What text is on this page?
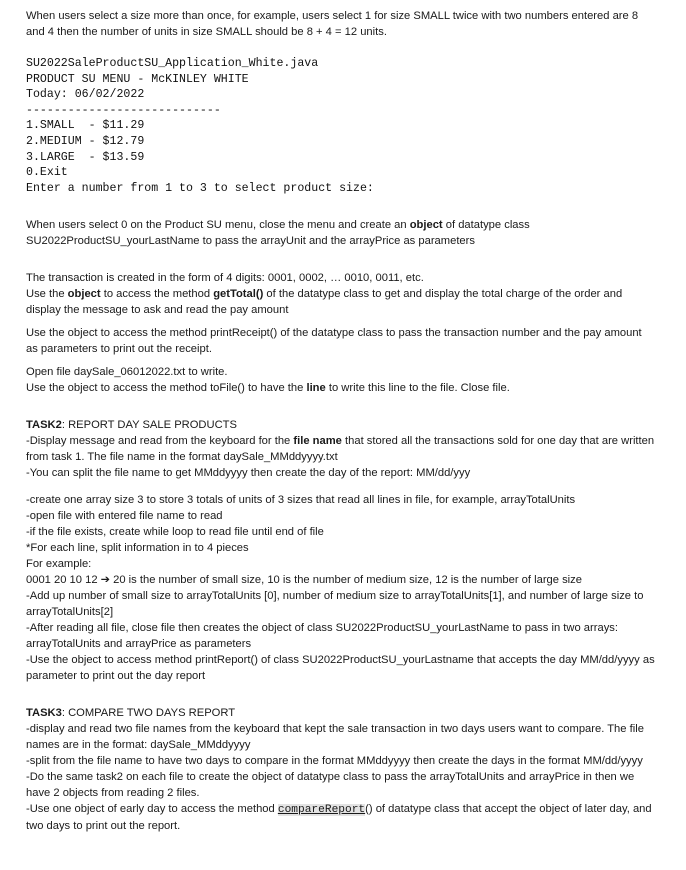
When users select a size more than once, for example, users select 1 for size SMALL twice with two numbers entered are 8 and 4 then the number of units in size SMALL should be 8 + 4 = 12 units.

SU2022SaleProductSU_Application_White.java

PRODUCT SU MENU - McKINLEY WHITE

Today: 06/02/2022

----------------------------

1.SMALL  - $11.29

2.MEDIUM - $12.79

3.LARGE  - $13.59

0.Exit

Enter a number from 1 to 3 to select product size:

When users select 0 on the Product SU menu, close the menu and create an object of datatype class SU2022ProductSU_yourLastName to pass the arrayUnit and the arrayPrice as parameters

The transaction is created in the form of 4 digits: 0001, 0002, … 0010, 0011, etc.

Use the object to access the method getTotal() of the datatype class to get and display the total charge of the order and display the message to ask and read the pay amount

Use the object to access the method printReceipt() of the datatype class to pass the transaction number and the pay amount as parameters to print out the receipt.

Open file daySale_06012022.txt to write.

Use the object to access the method toFile() to have the line to write this line to the file. Close file.

TASK2: REPORT DAY SALE PRODUCTS

-Display message and read from the keyboard for the file name that stored all the transactions sold for one day that are written from task 1. The file name in the format daySale_MMddyyyy.txt

-You can split the file name to get MMddyyyy then create the day of the report: MM/dd/yyy

-create one array size 3 to store 3 totals of units of 3 sizes that read all lines in file, for example, arrayTotalUnits

-open file with entered file name to read

-if the file exists, create while loop to read file until end of file

*For each line, split information in to 4 pieces

For example:

0001 20 10 12 ➔ 20 is the number of small size, 10 is the number of medium size, 12 is the number of large size

-Add up number of small size to arrayTotalUnits [0], number of medium size to arrayTotalUnits[1], and number of large size to arrayTotalUnits[2]

-After reading all file, close file then creates the object of class SU2022ProductSU_yourLastName to pass in two arrays: arrayTotalUnits and arrayPrice as parameters

-Use the object to access method printReport() of class SU2022ProductSU_yourLastname that accepts the day MM/dd/yyyy as parameter to print out the day report

TASK3: COMPARE TWO DAYS REPORT

-display and read two file names from the keyboard that kept the sale transaction in two days users want to compare. The file names are in the format: daySale_MMddyyyy

-split from the file name to have two days to compare in the format MMddyyyy then create the days in the format MM/dd/yyyy

-Do the same task2 on each file to create the object of datatype class to pass the arrayTotalUnits and arrayPrice in then we have 2 objects from reading 2 files.

-Use one object of early day to access the method compareReport() of datatype class that accept the object of later day, and two days to print out the report.
